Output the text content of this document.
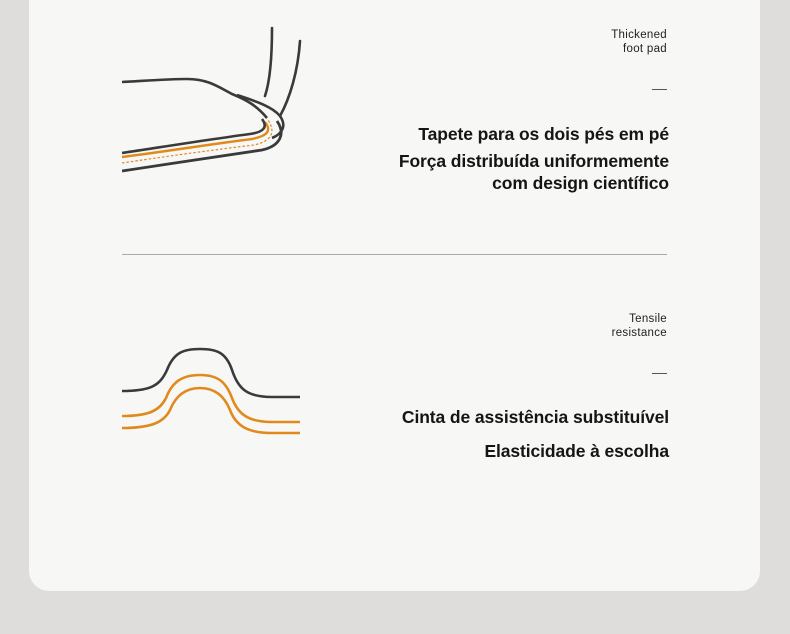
Thickened
foot pad
Tapete para os dois pés em pé
Força distribuída uniformemente
com design científico
Tensile
resistance
Cinta de assistência substituível
Elasticidade à escolha
